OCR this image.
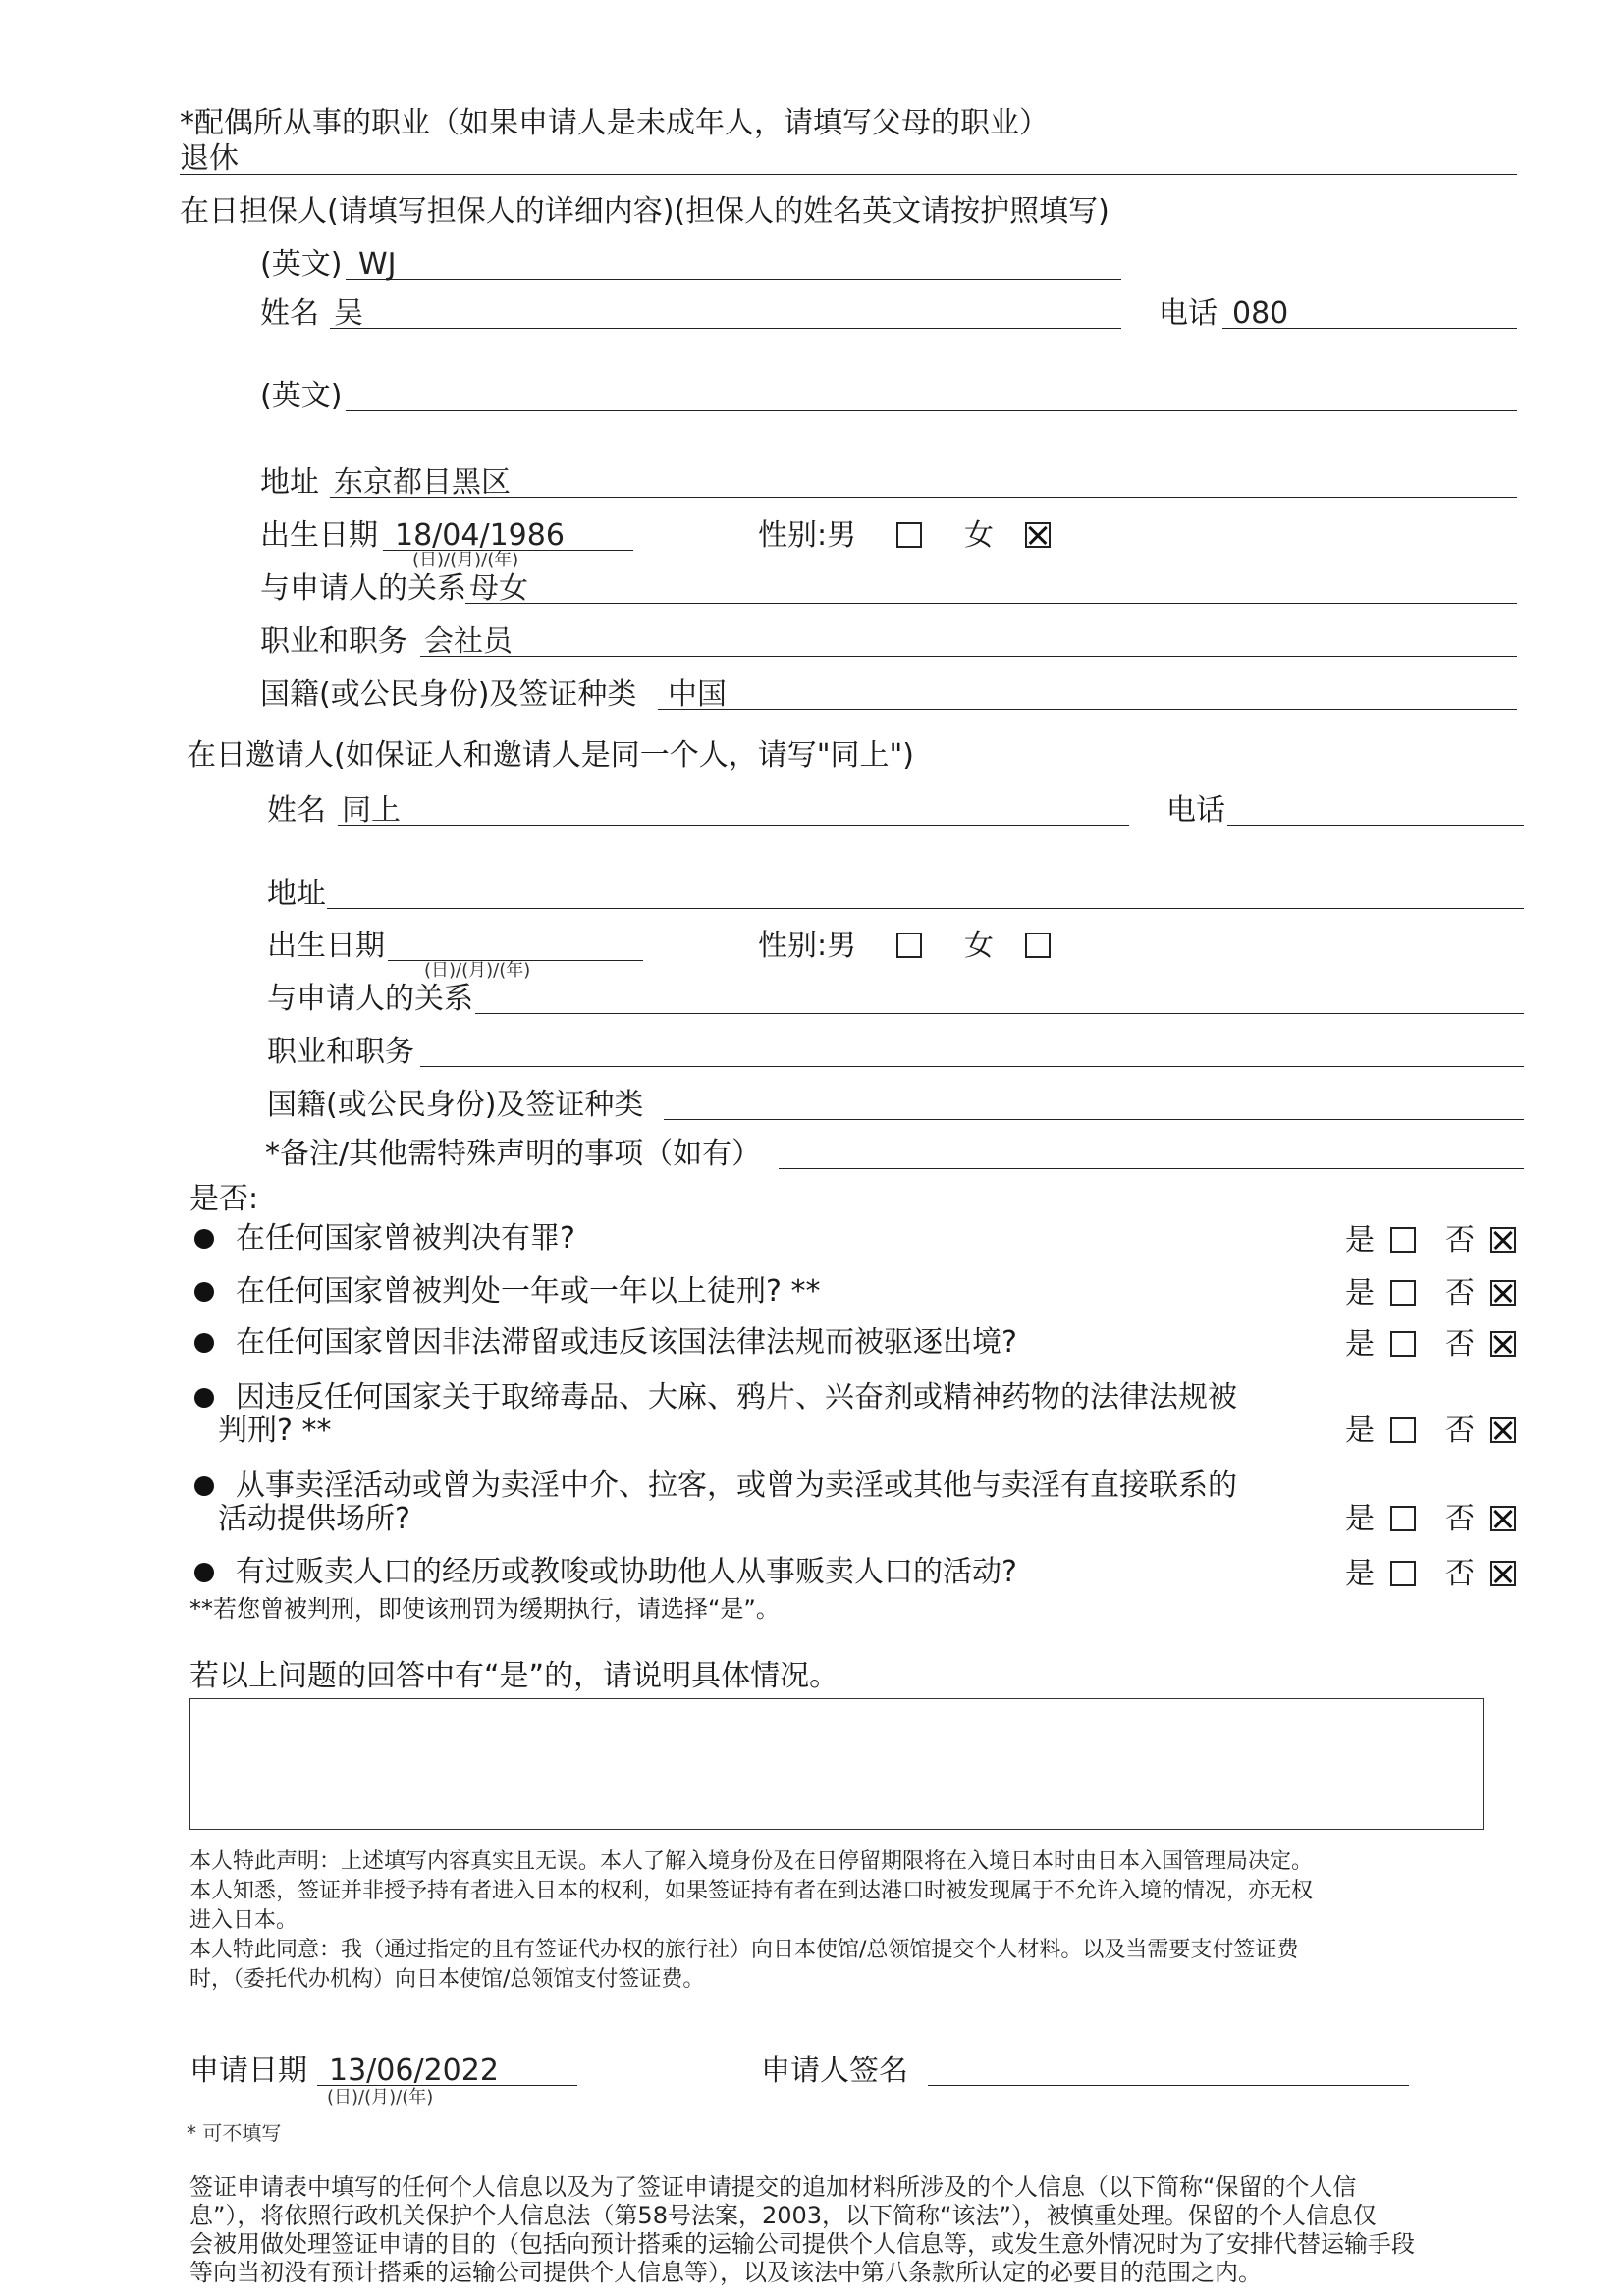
*配偶所从事的职业（如果申请人是未成年人，请填写父母的职业）
退休
在日担保人(请填写担保人的详细内容)(担保人的姓名英文请按护照填写)
(英文) WJ
姓名 吴	电话 080
(英文)
地址 东京都目黑区
出生日期 18/04/1986
(日)/(月)/(年)
性别:男	女
与申请人的关系 母女
职业和职务 会社员
国籍(或公民身份)及签证种类 中国
在日邀请人(如保证人和邀请人是同一个人，请写"同上")
姓名 同上	电话
地址
出生日期
(日)/(月)/(年)
性别:男	女
与申请人的关系
职业和职务
国籍(或公民身份)及签证种类
*备注/其他需特殊声明的事项（如有）
是否:
在任何国家曾被判决有罪?	是 否
在任何国家曾被判处一年或一年以上徒刑? **	是 否
在任何国家曾因非法滞留或违反该国法律法规而被驱逐出境?	是 否
因违反任何国家关于取缔毒品、大麻、鸦片、兴奋剂或精神药物的法律法规被
判刑? **	是 否
从事卖淫活动或曾为卖淫中介、拉客，或曾为卖淫或其他与卖淫有直接联系的
活动提供场所?	是 否
有过贩卖人口的经历或教唆或协助他人从事贩卖人口的活动?	是 否
**若您曾被判刑，即使该刑罚为缓期执行，请选择“是”。
若以上问题的回答中有“是”的，请说明具体情况。
本人特此声明：上述填写内容真实且无误。本人了解入境身份及在日停留期限将在入境日本时由日本入国管理局决定。
本人知悉，签证并非授予持有者进入日本的权利，如果签证持有者在到达港口时被发现属于不允许入境的情况，亦无权
进入日本。
本人特此同意：我（通过指定的且有签证代办权的旅行社）向日本使馆/总领馆提交个人材料。以及当需要支付签证费
时，（委托代办机构）向日本使馆/总领馆支付签证费。
申请日期 13/06/2022
(日)/(月)/(年)
申请人签名
* 可不填写
签证申请表中填写的任何个人信息以及为了签证申请提交的追加材料所涉及的个人信息（以下简称“保留的个人信
息”），将依照行政机关保护个人信息法（第58号法案，2003，以下简称“该法”），被慎重处理。保留的个人信息仅
会被用做处理签证申请的目的（包括向预计搭乘的运输公司提供个人信息等，或发生意外情况时为了安排代替运输手段
等向当初没有预计搭乘的运输公司提供个人信息等），以及该法中第八条款所认定的必要目的范围之内。
